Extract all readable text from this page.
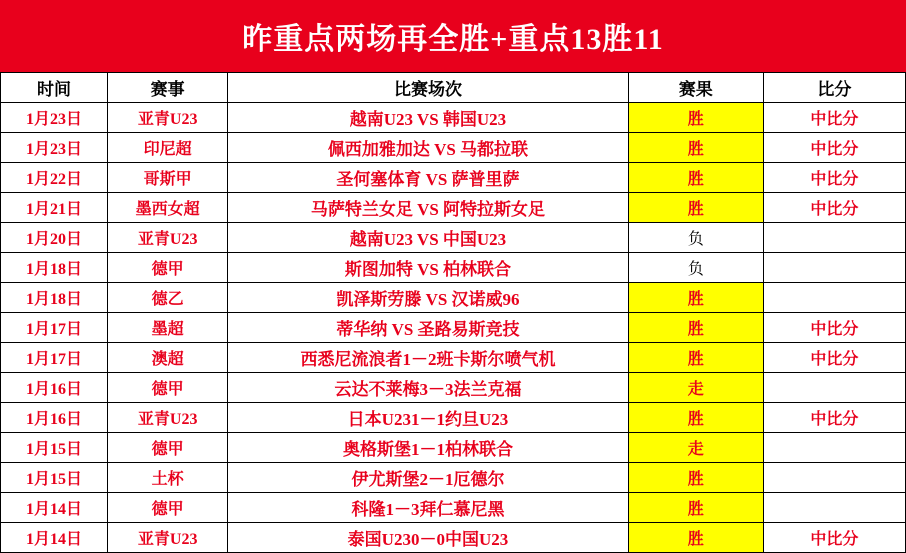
昨重点两场再全胜+重点13胜11
时间	赛事	比赛场次	赛果	比分
1月23日	亚青U23	越南U23 VS 韩国U23	胜	中比分
1月23日	印尼超	佩西加雅加达 VS 马都拉联	胜	中比分
1月22日	哥斯甲	圣何塞体育 VS 萨普里萨	胜	中比分
1月21日	墨西女超	马萨特兰女足 VS 阿特拉斯女足	胜	中比分
1月20日	亚青U23	越南U23 VS 中国U23	负	
1月18日	德甲	斯图加特 VS 柏林联合	负	
1月18日	德乙	凯泽斯劳滕 VS 汉诺威96	胜	
1月17日	墨超	蒂华纳 VS 圣路易斯竞技	胜	中比分
1月17日	澳超	西悉尼流浪者1－2班卡斯尔喷气机	胜	中比分
1月16日	德甲	云达不莱梅3－3法兰克福	走	
1月16日	亚青U23	日本U231－1约旦U23	胜	中比分
1月15日	德甲	奥格斯堡1－1柏林联合	走	
1月15日	土杯	伊尤斯堡2－1厄德尔	胜	
1月14日	德甲	科隆1－3拜仁慕尼黑	胜	
1月14日	亚青U23	泰国U230－0中国U23	胜	中比分
